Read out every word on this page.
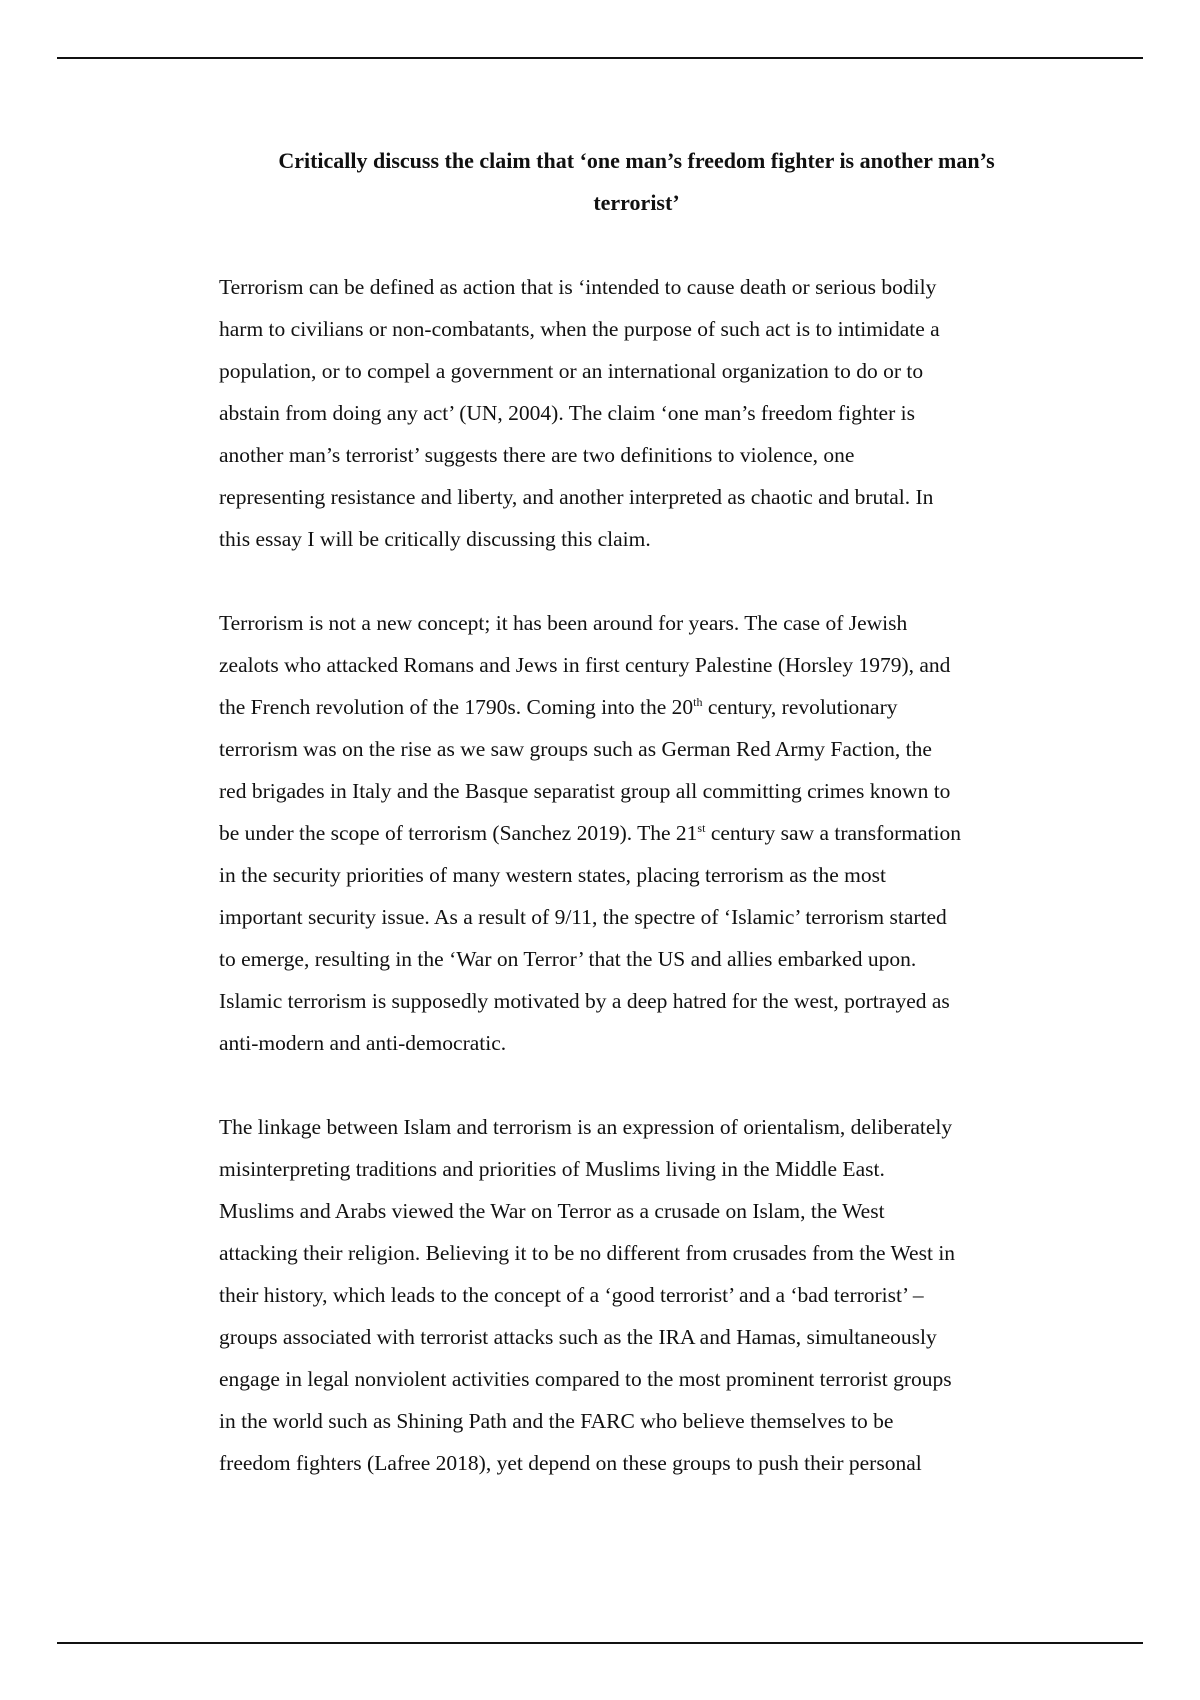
Critically discuss the claim that ‘one man’s freedom fighter is another man’s
terrorist’
Terrorism can be defined as action that is ‘intended to cause death or serious bodily
harm to civilians or non-combatants, when the purpose of such act is to intimidate a
population, or to compel a government or an international organization to do or to
abstain from doing any act’ (UN, 2004). The claim ‘one man’s freedom fighter is
another man’s terrorist’ suggests there are two definitions to violence, one
representing resistance and liberty, and another interpreted as chaotic and brutal. In
this essay I will be critically discussing this claim.
Terrorism is not a new concept; it has been around for years. The case of Jewish
zealots who attacked Romans and Jews in first century Palestine (Horsley 1979), and
the French revolution of the 1790s. Coming into the 20th century, revolutionary
terrorism was on the rise as we saw groups such as German Red Army Faction, the
red brigades in Italy and the Basque separatist group all committing crimes known to
be under the scope of terrorism (Sanchez 2019). The 21st century saw a transformation
in the security priorities of many western states, placing terrorism as the most
important security issue. As a result of 9/11, the spectre of ‘Islamic’ terrorism started
to emerge, resulting in the ‘War on Terror’ that the US and allies embarked upon.
Islamic terrorism is supposedly motivated by a deep hatred for the west, portrayed as
anti-modern and anti-democratic.
The linkage between Islam and terrorism is an expression of orientalism, deliberately
misinterpreting traditions and priorities of Muslims living in the Middle East.
Muslims and Arabs viewed the War on Terror as a crusade on Islam, the West
attacking their religion. Believing it to be no different from crusades from the West in
their history, which leads to the concept of a ‘good terrorist’ and a ‘bad terrorist’ –
groups associated with terrorist attacks such as the IRA and Hamas, simultaneously
engage in legal nonviolent activities compared to the most prominent terrorist groups
in the world such as Shining Path and the FARC who believe themselves to be
freedom fighters (Lafree 2018), yet depend on these groups to push their personal
